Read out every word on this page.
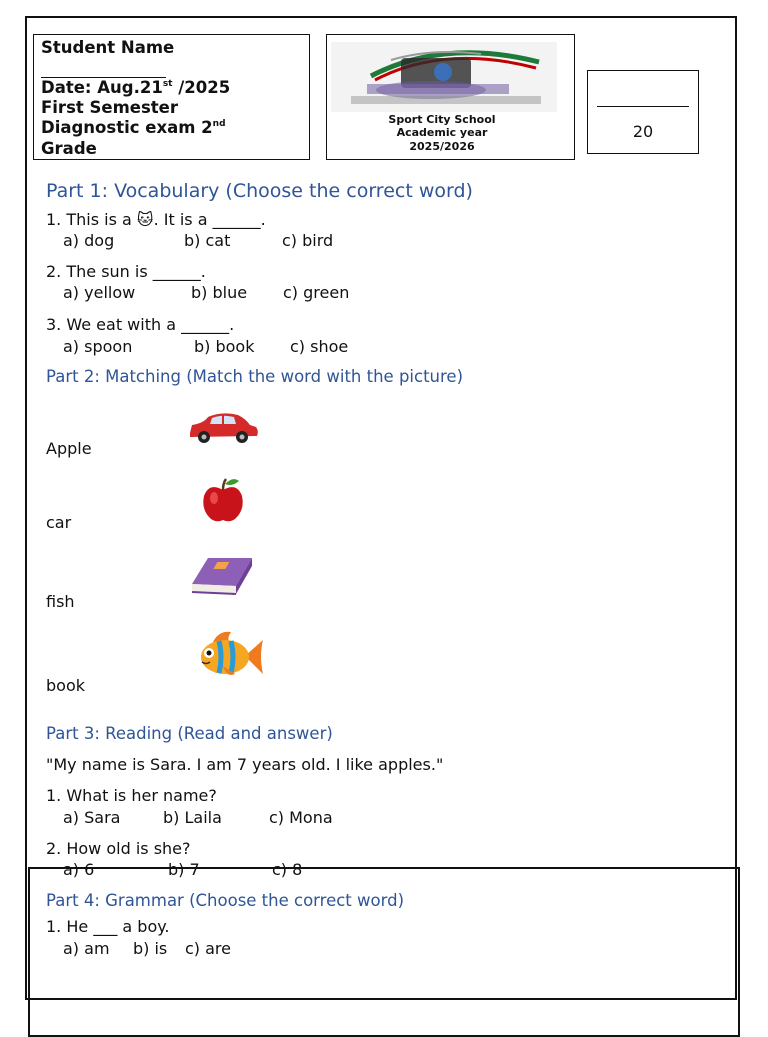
Student Name
Date: Aug.21st /2025
First Semester
Diagnostic exam 2nd
Grade
Sport City School
Academic year
2025/2026
20
Part 1: Vocabulary (Choose the correct word)
1. This is a 🐱. It is a ______.
a) dog	b) cat	c) bird
2. The sun is ______.
a) yellow	b) blue c) green
3. We eat with a ______.
a) spoon	b) book c) shoe
Part 2: Matching (Match the word with the picture)
Apple
car
fish
book
Part 3: Reading (Read and answer)
"My name is Sara. I am 7 years old. I like apples."
1. What is her name?
a) Sara	b) Laila	c) Mona
2. How old is she?
a) 6	b) 7	c) 8
Part 4: Grammar (Choose the correct word)
1. He ___ a boy.
a) am b) is c) are
